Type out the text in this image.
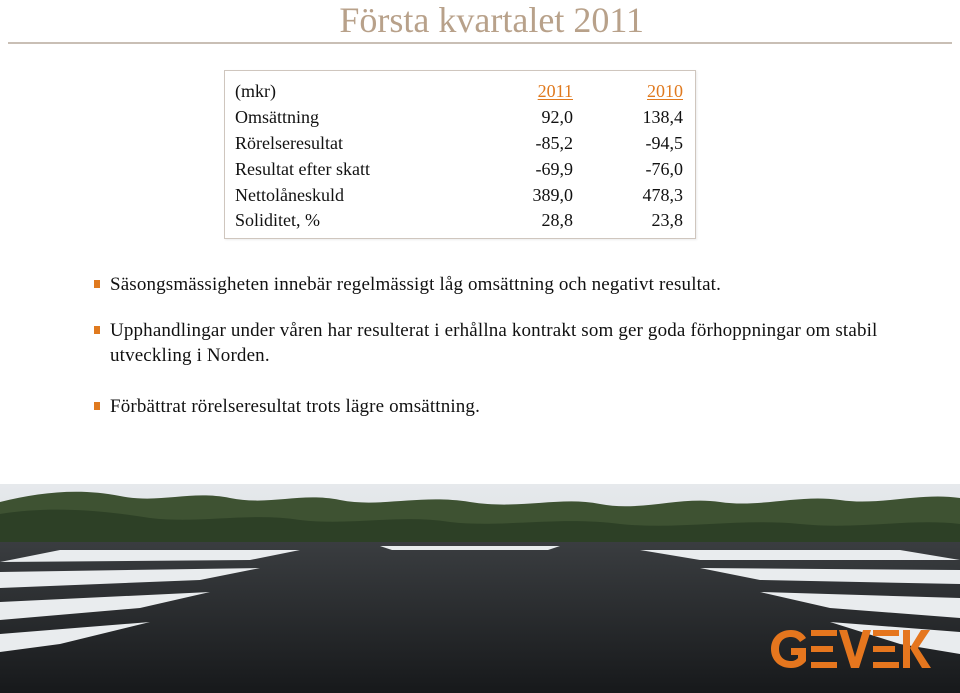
Första kvartalet 2011
(mkr)	2011	2010
Omsättning	92,0	138,4
Rörelseresultat	-85,2	-94,5
Resultat efter skatt	-69,9	-76,0
Nettolåneskuld	389,0	478,3
Soliditet, %	28,8	23,8
Säsongsmässigheten innebär regelmässigt låg omsättning och negativt resultat.
Upphandlingar under våren har resulterat i erhållna kontrakt som ger goda förhoppningar om stabil utveckling i Norden.
Förbättrat rörelseresultat trots lägre omsättning.
